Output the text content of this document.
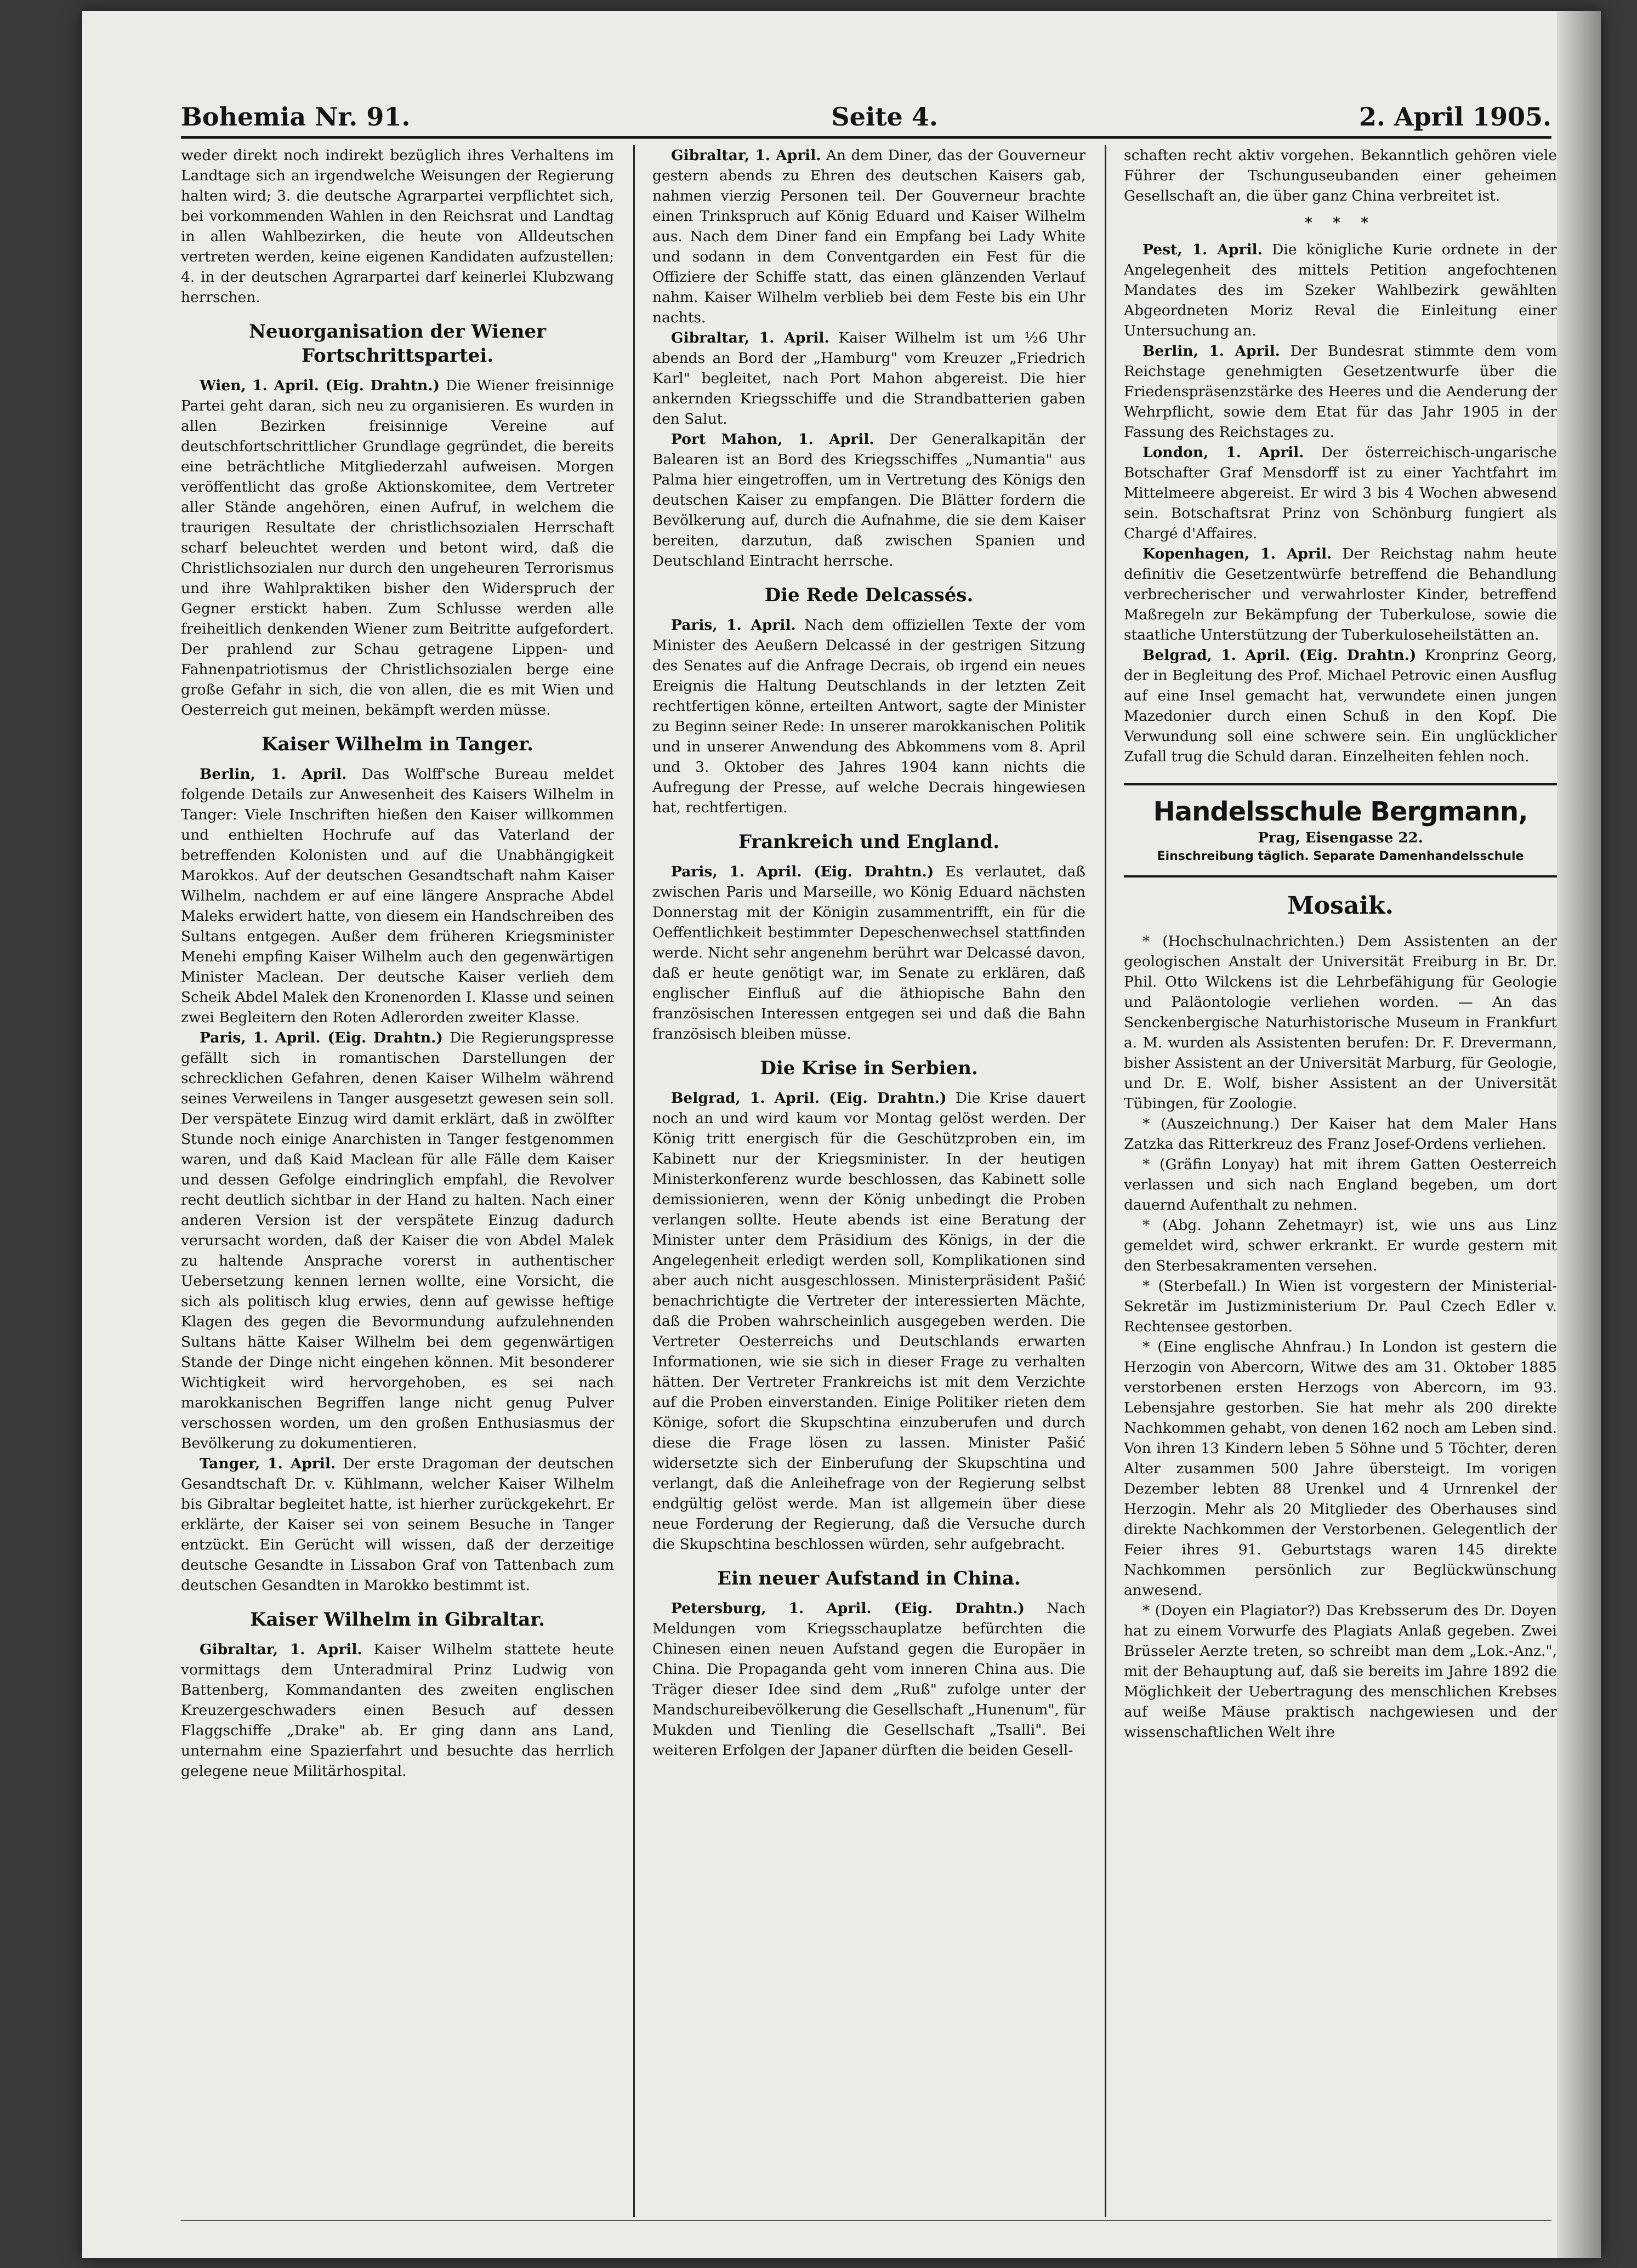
Bohemia Nr. 91.	Seite 4.	2. April 1905.

weder direkt noch indirekt bezüglich ihres Verhaltens im Landtage sich an irgendwelche Weisungen der Regierung halten wird; 3. die deutsche Agrarpartei verpflichtet sich, bei vorkommenden Wahlen in den Reichsrat und Landtag in allen Wahlbezirken, die heute von Alldeutschen vertreten werden, keine eigenen Kandidaten aufzustellen; 4. in der deutschen Agrarpartei darf keinerlei Klubzwang herrschen.

Neuorganisation der Wiener Fortschrittspartei.

Wien, 1. April. (Eig. Drahtn.) Die Wiener freisinnige Partei geht daran, sich neu zu organisieren. Es wurden in allen Bezirken freisinnige Vereine auf deutschfortschrittlicher Grundlage gegründet, die bereits eine beträchtliche Mitgliederzahl aufweisen. Morgen veröffentlicht das große Aktionskomitee, dem Vertreter aller Stände angehören, einen Aufruf, in welchem die traurigen Resultate der christlichsozialen Herrschaft scharf beleuchtet werden und betont wird, daß die Christlichsozialen nur durch den ungeheuren Terrorismus und ihre Wahlpraktiken bisher den Widerspruch der Gegner erstickt haben. Zum Schlusse werden alle freiheitlich denkenden Wiener zum Beitritte aufgefordert. Der prahlend zur Schau getragene Lippen- und Fahnenpatriotismus der Christlichsozialen berge eine große Gefahr in sich, die von allen, die es mit Wien und Oesterreich gut meinen, bekämpft werden müsse.

Kaiser Wilhelm in Tanger.

Berlin, 1. April. Das Wolff'sche Bureau meldet folgende Details zur Anwesenheit des Kaisers Wilhelm in Tanger: Viele Inschriften hießen den Kaiser willkommen und enthielten Hochrufe auf das Vaterland der betreffenden Kolonisten und auf die Unabhängigkeit Marokkos. Auf der deutschen Gesandtschaft nahm Kaiser Wilhelm, nachdem er auf eine längere Ansprache Abdel Maleks erwidert hatte, von diesem ein Handschreiben des Sultans entgegen. Außer dem früheren Kriegsminister Menehi empfing Kaiser Wilhelm auch den gegenwärtigen Minister Maclean. Der deutsche Kaiser verlieh dem Scheik Abdel Malek den Kronenorden I. Klasse und seinen zwei Begleitern den Roten Adlerorden zweiter Klasse.

Paris, 1. April. (Eig. Drahtn.) Die Regierungspresse gefällt sich in romantischen Darstellungen der schrecklichen Gefahren, denen Kaiser Wilhelm während seines Verweilens in Tanger ausgesetzt gewesen sein soll. Der verspätete Einzug wird damit erklärt, daß in zwölfter Stunde noch einige Anarchisten in Tanger festgenommen waren, und daß Kaid Maclean für alle Fälle dem Kaiser und dessen Gefolge eindringlich empfahl, die Revolver recht deutlich sichtbar in der Hand zu halten. Nach einer anderen Version ist der verspätete Einzug dadurch verursacht worden, daß der Kaiser die von Abdel Malek zu haltende Ansprache vorerst in authentischer Uebersetzung kennen lernen wollte, eine Vorsicht, die sich als politisch klug erwies, denn auf gewisse heftige Klagen des gegen die Bevormundung aufzulehnenden Sultans hätte Kaiser Wilhelm bei dem gegenwärtigen Stande der Dinge nicht eingehen können. Mit besonderer Wichtigkeit wird hervorgehoben, es sei nach marokkanischen Begriffen lange nicht genug Pulver verschossen worden, um den großen Enthusiasmus der Bevölkerung zu dokumentieren.

Tanger, 1. April. Der erste Dragoman der deutschen Gesandtschaft Dr. v. Kühlmann, welcher Kaiser Wilhelm bis Gibraltar begleitet hatte, ist hierher zurückgekehrt. Er erklärte, der Kaiser sei von seinem Besuche in Tanger entzückt. Ein Gerücht will wissen, daß der derzeitige deutsche Gesandte in Lissabon Graf von Tattenbach zum deutschen Gesandten in Marokko bestimmt ist.

Kaiser Wilhelm in Gibraltar.

Gibraltar, 1. April. Kaiser Wilhelm stattete heute vormittags dem Unteradmiral Prinz Ludwig von Battenberg, Kommandanten des zweiten englischen Kreuzergeschwaders einen Besuch auf dessen Flaggschiffe „Drake" ab. Er ging dann ans Land, unternahm eine Spazierfahrt und besuchte das herrlich gelegene neue Militärhospital.

Gibraltar, 1. April. An dem Diner, das der Gouverneur gestern abends zu Ehren des deutschen Kaisers gab, nahmen vierzig Personen teil. Der Gouverneur brachte einen Trinkspruch auf König Eduard und Kaiser Wilhelm aus. Nach dem Diner fand ein Empfang bei Lady White und sodann in dem Conventgarden ein Fest für die Offiziere der Schiffe statt, das einen glänzenden Verlauf nahm. Kaiser Wilhelm verblieb bei dem Feste bis ein Uhr nachts.

Gibraltar, 1. April. Kaiser Wilhelm ist um ½6 Uhr abends an Bord der „Hamburg" vom Kreuzer „Friedrich Karl" begleitet, nach Port Mahon abgereist. Die hier ankernden Kriegsschiffe und die Strandbatterien gaben den Salut.

Port Mahon, 1. April. Der Generalkapitän der Balearen ist an Bord des Kriegsschiffes „Numantia" aus Palma hier eingetroffen, um in Vertretung des Königs den deutschen Kaiser zu empfangen. Die Blätter fordern die Bevölkerung auf, durch die Aufnahme, die sie dem Kaiser bereiten, darzutun, daß zwischen Spanien und Deutschland Eintracht herrsche.

Die Rede Delcassés.

Paris, 1. April. Nach dem offiziellen Texte der vom Minister des Aeußern Delcassé in der gestrigen Sitzung des Senates auf die Anfrage Decrais, ob irgend ein neues Ereignis die Haltung Deutschlands in der letzten Zeit rechtfertigen könne, erteilten Antwort, sagte der Minister zu Beginn seiner Rede: In unserer marokkanischen Politik und in unserer Anwendung des Abkommens vom 8. April und 3. Oktober des Jahres 1904 kann nichts die Aufregung der Presse, auf welche Decrais hingewiesen hat, rechtfertigen.

Frankreich und England.

Paris, 1. April. (Eig. Drahtn.) Es verlautet, daß zwischen Paris und Marseille, wo König Eduard nächsten Donnerstag mit der Königin zusammentrifft, ein für die Oeffentlichkeit bestimmter Depeschenwechsel stattfinden werde. Nicht sehr angenehm berührt war Delcassé davon, daß er heute genötigt war, im Senate zu erklären, daß englischer Einfluß auf die äthiopische Bahn den französischen Interessen entgegen sei und daß die Bahn französisch bleiben müsse.

Die Krise in Serbien.

Belgrad, 1. April. (Eig. Drahtn.) Die Krise dauert noch an und wird kaum vor Montag gelöst werden. Der König tritt energisch für die Geschützproben ein, im Kabinett nur der Kriegsminister. In der heutigen Ministerkonferenz wurde beschlossen, das Kabinett solle demissionieren, wenn der König unbedingt die Proben verlangen sollte. Heute abends ist eine Beratung der Minister unter dem Präsidium des Königs, in der die Angelegenheit erledigt werden soll, Komplikationen sind aber auch nicht ausgeschlossen. Ministerpräsident Pašić benachrichtigte die Vertreter der interessierten Mächte, daß die Proben wahrscheinlich ausgegeben werden. Die Vertreter Oesterreichs und Deutschlands erwarten Informationen, wie sie sich in dieser Frage zu verhalten hätten. Der Vertreter Frankreichs ist mit dem Verzichte auf die Proben einverstanden. Einige Politiker rieten dem Könige, sofort die Skupschtina einzuberufen und durch diese die Frage lösen zu lassen. Minister Pašić widersetzte sich der Einberufung der Skupschtina und verlangt, daß die Anleihefrage von der Regierung selbst endgültig gelöst werde. Man ist allgemein über diese neue Forderung der Regierung, daß die Versuche durch die Skupschtina beschlossen würden, sehr aufgebracht.

Ein neuer Aufstand in China.

Petersburg, 1. April. (Eig. Drahtn.) Nach Meldungen vom Kriegsschauplatze befürchten die Chinesen einen neuen Aufstand gegen die Europäer in China. Die Propaganda geht vom inneren China aus. Die Träger dieser Idee sind dem „Ruß" zufolge unter der Mandschureibevölkerung die Gesellschaft „Hunenum", für Mukden und Tienling die Gesellschaft „Tsalli". Bei weiteren Erfolgen der Japaner dürften die beiden Gesell-

schaften recht aktiv vorgehen. Bekanntlich gehören viele Führer der Tschunguseubanden einer geheimen Gesellschaft an, die über ganz China verbreitet ist.

* * *

Pest, 1. April. Die königliche Kurie ordnete in der Angelegenheit des mittels Petition angefochtenen Mandates des im Szeker Wahlbezirk gewählten Abgeordneten Moriz Reval die Einleitung einer Untersuchung an.

Berlin, 1. April. Der Bundesrat stimmte dem vom Reichstage genehmigten Gesetzentwurfe über die Friedenspräsenzstärke des Heeres und die Aenderung der Wehrpflicht, sowie dem Etat für das Jahr 1905 in der Fassung des Reichstages zu.

London, 1. April. Der österreichisch-ungarische Botschafter Graf Mensdorff ist zu einer Yachtfahrt im Mittelmeere abgereist. Er wird 3 bis 4 Wochen abwesend sein. Botschaftsrat Prinz von Schönburg fungiert als Chargé d'Affaires.

Kopenhagen, 1. April. Der Reichstag nahm heute definitiv die Gesetzentwürfe betreffend die Behandlung verbrecherischer und verwahrloster Kinder, betreffend Maßregeln zur Bekämpfung der Tuberkulose, sowie die staatliche Unterstützung der Tuberkuloseheilstätten an.

Belgrad, 1. April. (Eig. Drahtn.) Kronprinz Georg, der in Begleitung des Prof. Michael Petrovic einen Ausflug auf eine Insel gemacht hat, verwundete einen jungen Mazedonier durch einen Schuß in den Kopf. Die Verwundung soll eine schwere sein. Ein unglücklicher Zufall trug die Schuld daran. Einzelheiten fehlen noch.

Handelsschule Bergmann,
Prag, Eisengasse 22.
Einschreibung täglich. Separate Damenhandelsschule
Mosaik.

* (Hochschulnachrichten.) Dem Assistenten an der geologischen Anstalt der Universität Freiburg in Br. Dr. Phil. Otto Wilckens ist die Lehrbefähigung für Geologie und Paläontologie verliehen worden. — An das Senckenbergische Naturhistorische Museum in Frankfurt a. M. wurden als Assistenten berufen: Dr. F. Drevermann, bisher Assistent an der Universität Marburg, für Geologie, und Dr. E. Wolf, bisher Assistent an der Universität Tübingen, für Zoologie.

* (Auszeichnung.) Der Kaiser hat dem Maler Hans Zatzka das Ritterkreuz des Franz Josef-Ordens verliehen.

* (Gräfin Lonyay) hat mit ihrem Gatten Oesterreich verlassen und sich nach England begeben, um dort dauernd Aufenthalt zu nehmen.

* (Abg. Johann Zehetmayr) ist, wie uns aus Linz gemeldet wird, schwer erkrankt. Er wurde gestern mit den Sterbesakramenten versehen.

* (Sterbefall.) In Wien ist vorgestern der Ministerial-Sekretär im Justizministerium Dr. Paul Czech Edler v. Rechtensee gestorben.

* (Eine englische Ahnfrau.) In London ist gestern die Herzogin von Abercorn, Witwe des am 31. Oktober 1885 verstorbenen ersten Herzogs von Abercorn, im 93. Lebensjahre gestorben. Sie hat mehr als 200 direkte Nachkommen gehabt, von denen 162 noch am Leben sind. Von ihren 13 Kindern leben 5 Söhne und 5 Töchter, deren Alter zusammen 500 Jahre übersteigt. Im vorigen Dezember lebten 88 Urenkel und 4 Urnrenkel der Herzogin. Mehr als 20 Mitglieder des Oberhauses sind direkte Nachkommen der Verstorbenen. Gelegentlich der Feier ihres 91. Geburtstags waren 145 direkte Nachkommen persönlich zur Beglückwünschung anwesend.

* (Doyen ein Plagiator?) Das Krebsserum des Dr. Doyen hat zu einem Vorwurfe des Plagiats Anlaß gegeben. Zwei Brüsseler Aerzte treten, so schreibt man dem „Lok.-Anz.", mit der Behauptung auf, daß sie bereits im Jahre 1892 die Möglichkeit der Uebertragung des menschlichen Krebses auf weiße Mäuse praktisch nachgewiesen und der wissenschaftlichen Welt ihre
